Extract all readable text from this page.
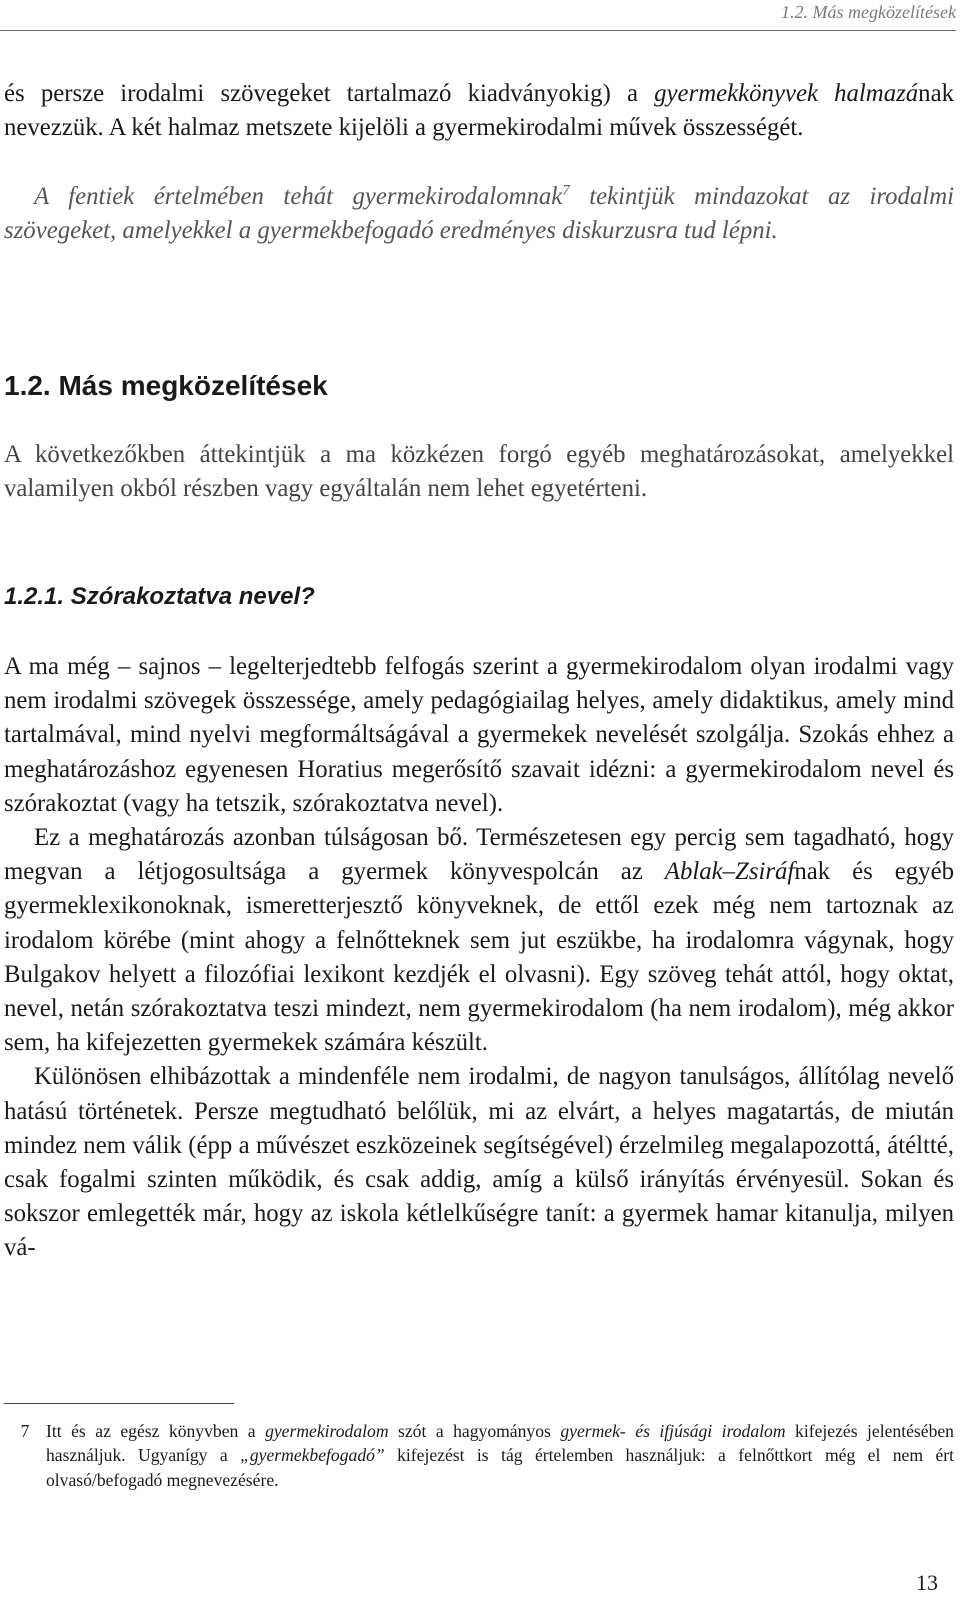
1.2. Más megközelítések

és persze irodalmi szövegeket tartalmazó kiadványokig) a gyermekkönyvek halmazának nevezzük. A két halmaz metszete kijelöli a gyermekirodalmi művek összességét.

A fentiek értelmében tehát gyermekirodalomnak$^7$ tekintjük mindazokat az irodalmi szövegeket, amelyekkel a gyermekbefogadó eredményes diskurzusra tud lépni.

1.2. Más megközelítések

A következőkben áttekintjük a ma közkézen forgó egyéb meghatározásokat, amelyekkel valamilyen okból részben vagy egyáltalán nem lehet egyetérteni.

1.2.1. Szórakoztatva nevel?

A ma még – sajnos – legelterjedtebb felfogás szerint a gyermekirodalom olyan irodalmi vagy nem irodalmi szövegek összessége, amely pedagógiailag helyes, amely didaktikus, amely mind tartalmával, mind nyelvi megformáltságával a gyermekek nevelését szolgálja. Szokás ehhez a meghatározáshoz egyenesen Horatius megerősítő szavait idézni: a gyermekirodalom nevel és szórakoztat (vagy ha tetszik, szórakoztatva nevel).

Ez a meghatározás azonban túlságosan bő. Természetesen egy percig sem tagadható, hogy megvan a létjogosultsága a gyermek könyvespolcán az Ablak–Zsiráfnak és egyéb gyermeklexikonoknak, ismeretterjesztő könyveknek, de ettől ezek még nem tartoznak az irodalom körébe (mint ahogy a felnőtteknek sem jut eszükbe, ha irodalomra vágynak, hogy Bulgakov helyett a filozófiai lexikont kezdjék el olvasni). Egy szöveg tehát attól, hogy oktat, nevel, netán szórakoztatva teszi mindezt, nem gyermekirodalom (ha nem irodalom), még akkor sem, ha kifejezetten gyermekek számára készült.

Különösen elhibázottak a mindenféle nem irodalmi, de nagyon tanulságos, állítólag nevelő hatású történetek. Persze megtudható belőlük, mi az elvárt, a helyes magatartás, de miután mindez nem válik (épp a művészet eszközeinek segítségével) érzelmileg megalapozottá, átéltté, csak fogalmi szinten működik, és csak addig, amíg a külső irányítás érvényesül. Sokan és sokszor emlegették már, hogy az iskola kétlelkűségre tanít: a gyermek hamar kitanulja, milyen vá-

7 Itt és az egész könyvben a gyermekirodalom szót a hagyományos gyermek- és ifjúsági irodalom kifejezés jelentésében használjuk. Ugyanígy a „gyermekbefogadó” kifejezést is tág értelemben használjuk: a felnőttkort még el nem ért olvasó/befogadó megnevezésére.

13
